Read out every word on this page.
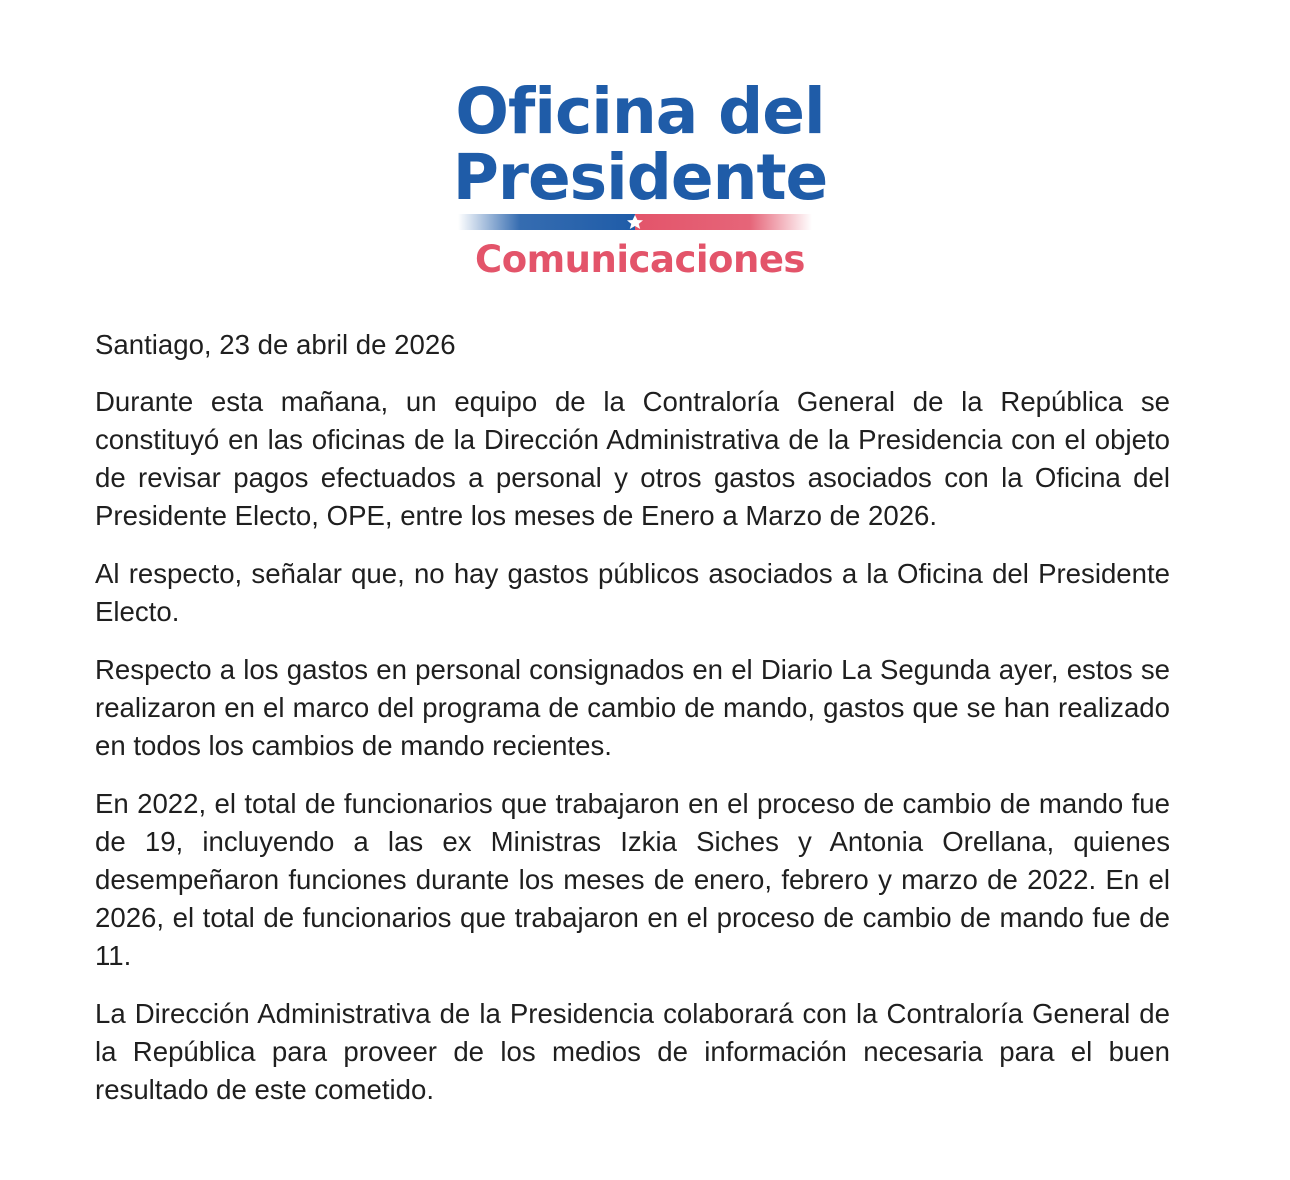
Oficina del
Presidente
Comunicaciones

Santiago, 23 de abril de 2026

Durante esta mañana, un equipo de la Contraloría General de la República se constituyó en las oficinas de la Dirección Administrativa de la Presidencia con el objeto de revisar pagos efectuados a personal y otros gastos asociados con la Oficina del Presidente Electo, OPE, entre los meses de Enero a Marzo de 2026.

Al respecto, señalar que, no hay gastos públicos asociados a la Oficina del Presidente Electo.

Respecto a los gastos en personal consignados en el Diario La Segunda ayer, estos se realizaron en el marco del programa de cambio de mando, gastos que se han realizado en todos los cambios de mando recientes.

En 2022, el total de funcionarios que trabajaron en el proceso de cambio de mando fue de 19, incluyendo a las ex Ministras Izkia Siches y Antonia Orellana, quienes desempeñaron funciones durante los meses de enero, febrero y marzo de 2022. En el 2026, el total de funcionarios que trabajaron en el proceso de cambio de mando fue de 11.

La Dirección Administrativa de la Presidencia colaborará con la Contraloría General de la República para proveer de los medios de información necesaria para el buen resultado de este cometido.
